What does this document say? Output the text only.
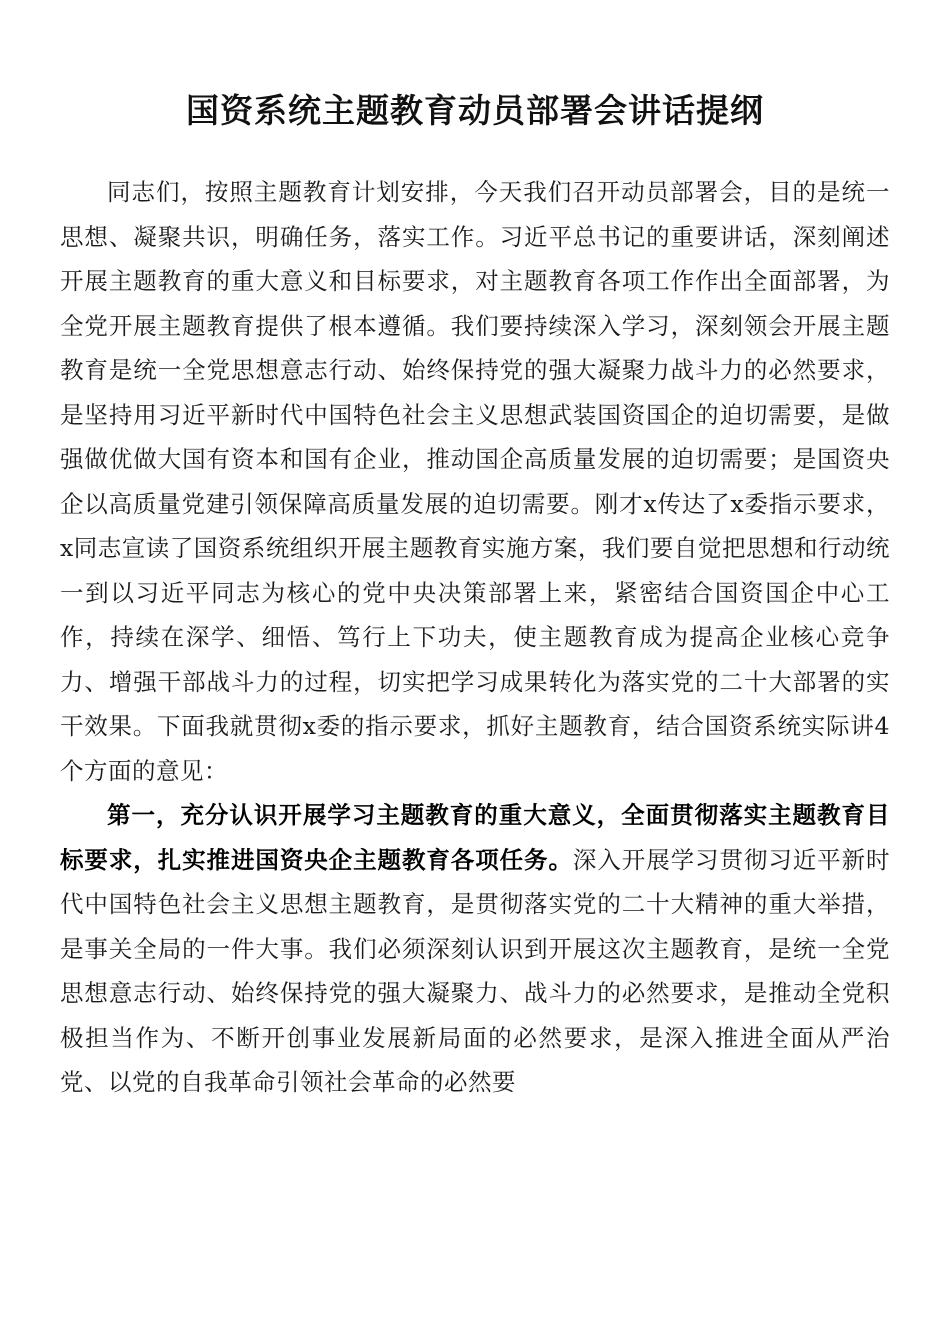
国资系统主题教育动员部署会讲话提纲

同志们，按照主题教育计划安排，今天我们召开动员部署会，目的是统一思想、凝聚共识，明确任务，落实工作。习近平总书记的重要讲话，深刻阐述开展主题教育的重大意义和目标要求，对主题教育各项工作作出全面部署，为全党开展主题教育提供了根本遵循。我们要持续深入学习，深刻领会开展主题教育是统一全党思想意志行动、始终保持党的强大凝聚力战斗力的必然要求，是坚持用习近平新时代中国特色社会主义思想武装国资国企的迫切需要，是做强做优做大国有资本和国有企业，推动国企高质量发展的迫切需要；是国资央企以高质量党建引领保障高质量发展的迫切需要。刚才x传达了x委指示要求，x同志宣读了国资系统组织开展主题教育实施方案，我们要自觉把思想和行动统一到以习近平同志为核心的党中央决策部署上来，紧密结合国资国企中心工作，持续在深学、细悟、笃行上下功夫，使主题教育成为提高企业核心竞争力、增强干部战斗力的过程，切实把学习成果转化为落实党的二十大部署的实干效果。下面我就贯彻x委的指示要求，抓好主题教育，结合国资系统实际讲4个方面的意见：

第一，充分认识开展学习主题教育的重大意义，全面贯彻落实主题教育目标要求，扎实推进国资央企主题教育各项任务。深入开展学习贯彻习近平新时代中国特色社会主义思想主题教育，是贯彻落实党的二十大精神的重大举措，是事关全局的一件大事。我们必须深刻认识到开展这次主题教育，是统一全党思想意志行动、始终保持党的强大凝聚力、战斗力的必然要求，是推动全党积极担当作为、不断开创事业发展新局面的必然要求，是深入推进全面从严治党、以党的自我革命引领社会革命的必然要
